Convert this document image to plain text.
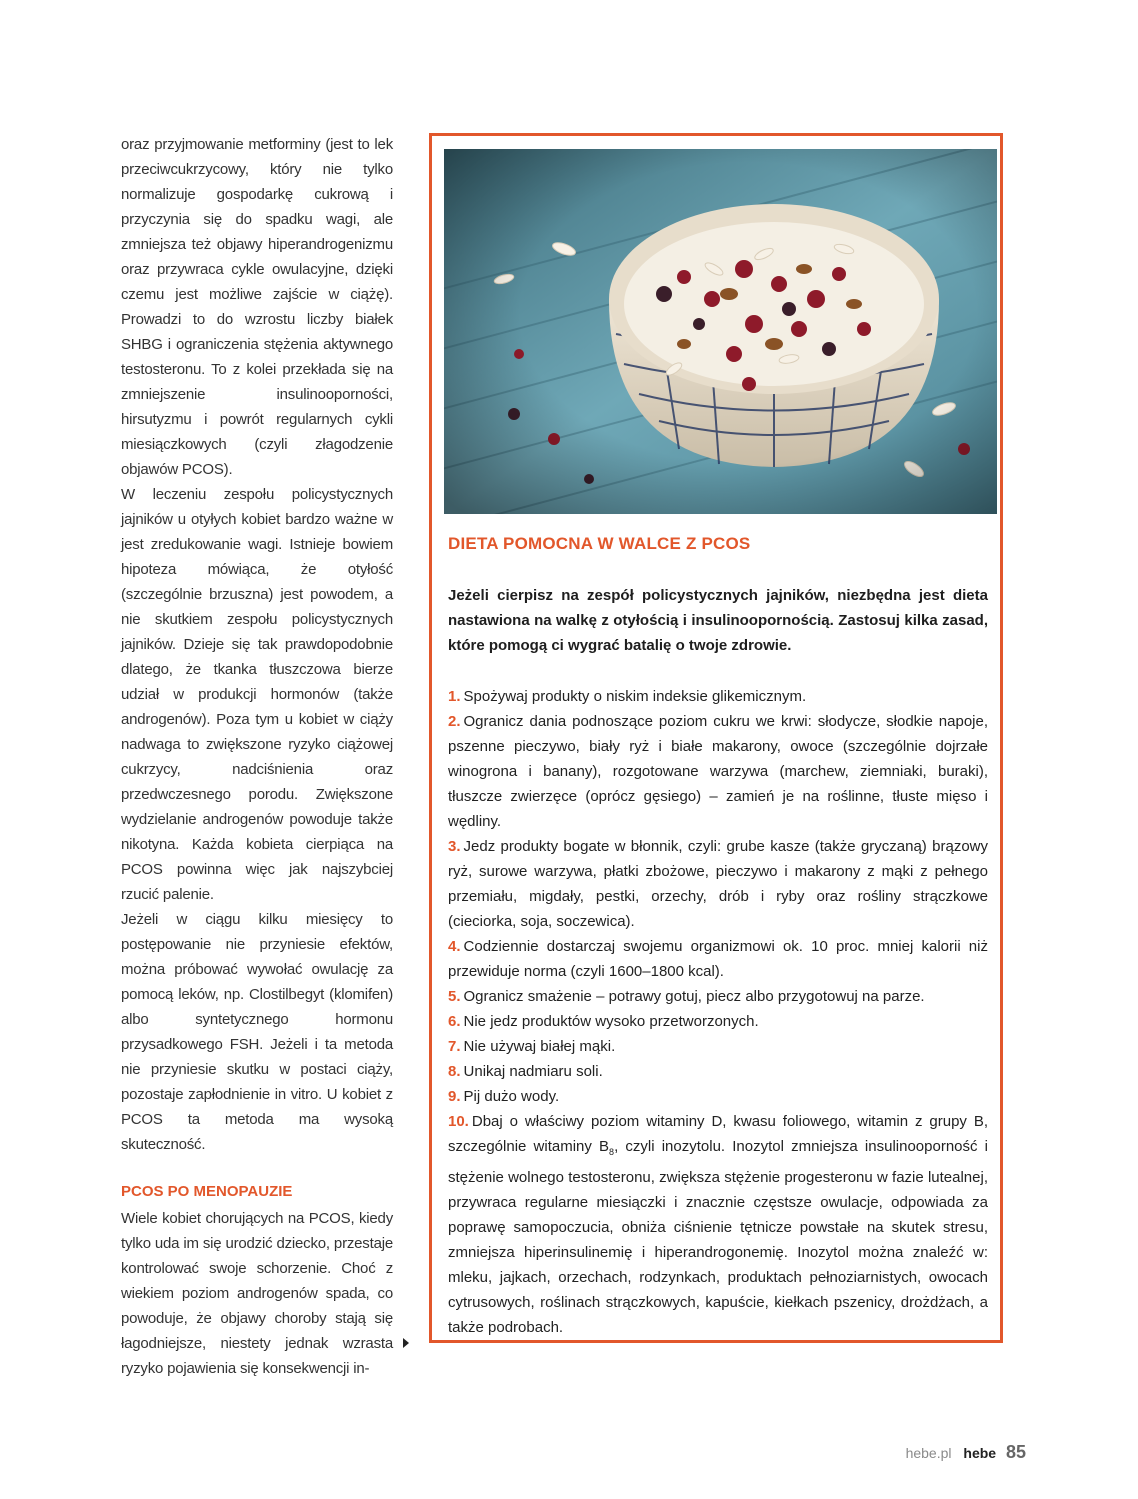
oraz przyjmowanie metforminy (jest to lek przeciwcukrzycowy, który nie tylko normalizuje gospodarkę cukrową i przyczynia się do spadku wagi, ale zmniejsza też objawy hiperandrogenizmu oraz przywraca cykle owulacyjne, dzięki czemu jest możliwe zajście w ciążę). Prowadzi to do wzrostu liczby białek SHBG i ograniczenia stężenia aktywnego testosteronu. To z kolei przekłada się na zmniejszenie insulinooporności, hirsutyzmu i powrót regularnych cykli miesiączkowych (czyli złagodzenie objawów PCOS).

W leczeniu zespołu policystycznych jajników u otyłych kobiet bardzo ważne w jest zredukowanie wagi. Istnieje bowiem hipoteza mówiąca, że otyłość (szczególnie brzuszna) jest powodem, a nie skutkiem zespołu policystycznych jajników. Dzieje się tak prawdopodobnie dlatego, że tkanka tłuszczowa bierze udział w produkcji hormonów (także androgenów). Poza tym u kobiet w ciąży nadwaga to zwiększone ryzyko ciążowej cukrzycy, nadciśnienia oraz przedwczesnego porodu. Zwiększone wydzielanie androgenów powoduje także nikotyna. Każda kobieta cierpiąca na PCOS powinna więc jak najszybciej rzucić palenie.

Jeżeli w ciągu kilku miesięcy to postępowanie nie przyniesie efektów, można próbować wywołać owulację za pomocą leków, np. Clostilbegyt (klomifen) albo syntetycznego hormonu przysadkowego FSH. Jeżeli i ta metoda nie przyniesie skutku w postaci ciąży, pozostaje zapłodnienie in vitro. U kobiet z PCOS ta metoda ma wysoką skuteczność.

PCOS PO MENOPAUZIE

Wiele kobiet chorujących na PCOS, kiedy tylko uda im się urodzić dziecko, przestaje kontrolować swoje schorzenie. Choć z wiekiem poziom androgenów spada, co powoduje, że objawy choroby stają się łagodniejsze, niestety jednak wzrasta ryzyko pojawienia się konsekwencji in-

DIETA POMOCNA W WALCE Z PCOS

Jeżeli cierpisz na zespół policystycznych jajników, niezbędna jest dieta nastawiona na walkę z otyłością i insulinoopornością. Zastosuj kilka zasad, które pomogą ci wygrać batalię o twoje zdrowie.

1. Spożywaj produkty o niskim indeksie glikemicznym.
2. Ogranicz dania podnoszące poziom cukru we krwi: słodycze, słodkie napoje, pszenne pieczywo, biały ryż i białe makarony, owoce (szczególnie dojrzałe winogrona i banany), rozgotowane warzywa (marchew, ziemniaki, buraki), tłuszcze zwierzęce (oprócz gęsiego) – zamień je na roślinne, tłuste mięso i wędliny.
3. Jedz produkty bogate w błonnik, czyli: grube kasze (także gryczaną) brązowy ryż, surowe warzywa, płatki zbożowe, pieczywo i makarony z mąki z pełnego przemiału, migdały, pestki, orzechy, drób i ryby oraz rośliny strączkowe (cieciorka, soja, soczewica).
4. Codziennie dostarczaj swojemu organizmowi ok. 10 proc. mniej kalorii niż przewiduje norma (czyli 1600–1800 kcal).
5. Ogranicz smażenie – potrawy gotuj, piecz albo przygotowuj na parze.
6. Nie jedz produktów wysoko przetworzonych.
7. Nie używaj białej mąki.
8. Unikaj nadmiaru soli.
9. Pij dużo wody.
10. Dbaj o właściwy poziom witaminy D, kwasu foliowego, witamin z grupy B, szczególnie witaminy $B_8$, czyli inozytolu. Inozytol zmniejsza insulinooporność i stężenie wolnego testosteronu, zwiększa stężenie progesteronu w fazie lutealnej, przywraca regularne miesiączki i znacznie częstsze owulacje, odpowiada za poprawę samopoczucia, obniża ciśnienie tętnicze powstałe na skutek stresu, zmniejsza hiperinsulinemię i hiperandrogonemię. Inozytol można znaleźć w: mleku, jajkach, orzechach, rodzynkach, produktach pełnoziarnistych, owocach cytrusowych, roślinach strączkowych, kapuście, kiełkach pszenicy, drożdżach, a także podrobach.
hebe.pl hebe 85
